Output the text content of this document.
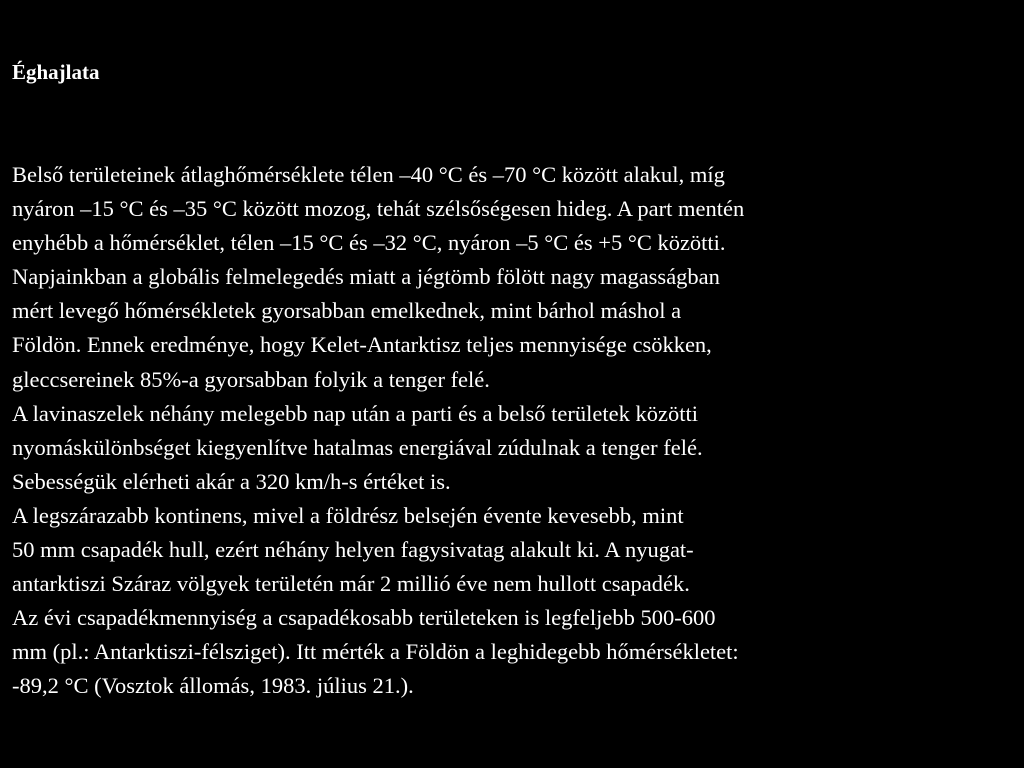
Éghajlata

Belső területeinek átlaghőmérséklete télen –40 °C és –70 °C között alakul, míg
nyáron –15 °C és –35 °C között mozog, tehát szélsőségesen hideg. A part mentén
enyhébb a hőmérséklet, télen –15 °C és –32 °C, nyáron –5 °C és +5 °C közötti.
Napjainkban a globális felmelegedés miatt a jégtömb fölött nagy magasságban
mért levegő hőmérsékletek gyorsabban emelkednek, mint bárhol máshol a
Földön. Ennek eredménye, hogy Kelet-Antarktisz teljes mennyisége csökken,
gleccsereinek 85%-a gyorsabban folyik a tenger felé.

A lavinaszelek néhány melegebb nap után a parti és a belső területek közötti
nyomáskülönbséget kiegyenlítve hatalmas energiával zúdulnak a tenger felé.
Sebességük elérheti akár a 320 km/h-s értéket is.

A legszárazabb kontinens, mivel a földrész belsején évente kevesebb, mint
50 mm csapadék hull, ezért néhány helyen fagysivatag alakult ki. A nyugat-
antarktiszi Száraz völgyek területén már 2 millió éve nem hullott csapadék.

Az évi csapadékmennyiség a csapadékosabb területeken is legfeljebb 500-600
mm (pl.: Antarktiszi-félsziget). Itt mérték a Földön a leghidegebb hőmérsékletet:
-89,2 °C (Vosztok állomás, 1983. július 21.).
